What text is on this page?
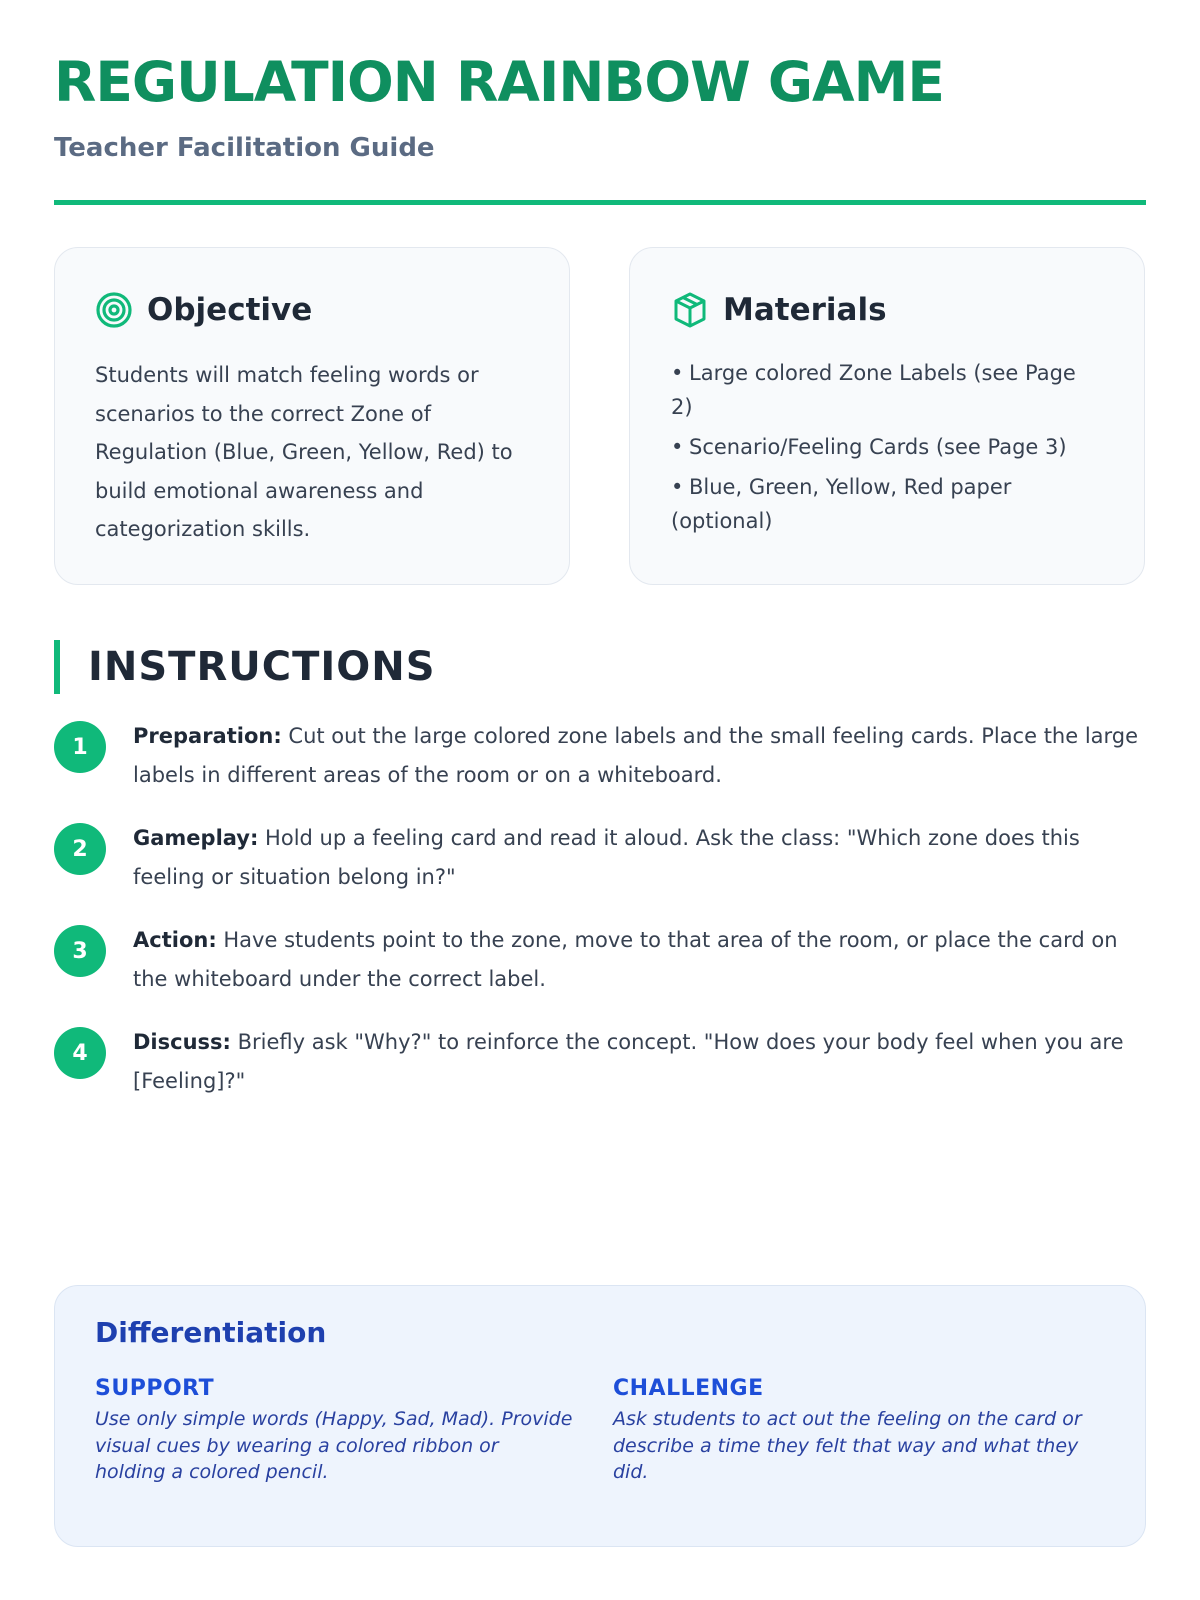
REGULATION RAINBOW GAME
Teacher Facilitation Guide
Objective
Students will match feeling words or scenarios to the correct Zone of Regulation (Blue, Green, Yellow, Red) to build emotional awareness and categorization skills.
Materials
• Large colored Zone Labels (see Page 2)
• Scenario/Feeling Cards (see Page 3)
• Blue, Green, Yellow, Red paper (optional)
INSTRUCTIONS
1	Preparation: Cut out the large colored zone labels and the small feeling cards. Place the large labels in different areas of the room or on a whiteboard.
2	Gameplay: Hold up a feeling card and read it aloud. Ask the class: "Which zone does this feeling or situation belong in?"
3	Action: Have students point to the zone, move to that area of the room, or place the card on the whiteboard under the correct label.
4	Discuss: Briefly ask "Why?" to reinforce the concept. "How does your body feel when you are [Feeling]?"
Differentiation
SUPPORT
Use only simple words (Happy, Sad, Mad). Provide visual cues by wearing a colored ribbon or holding a colored pencil.
CHALLENGE
Ask students to act out the feeling on the card or describe a time they felt that way and what they did.
